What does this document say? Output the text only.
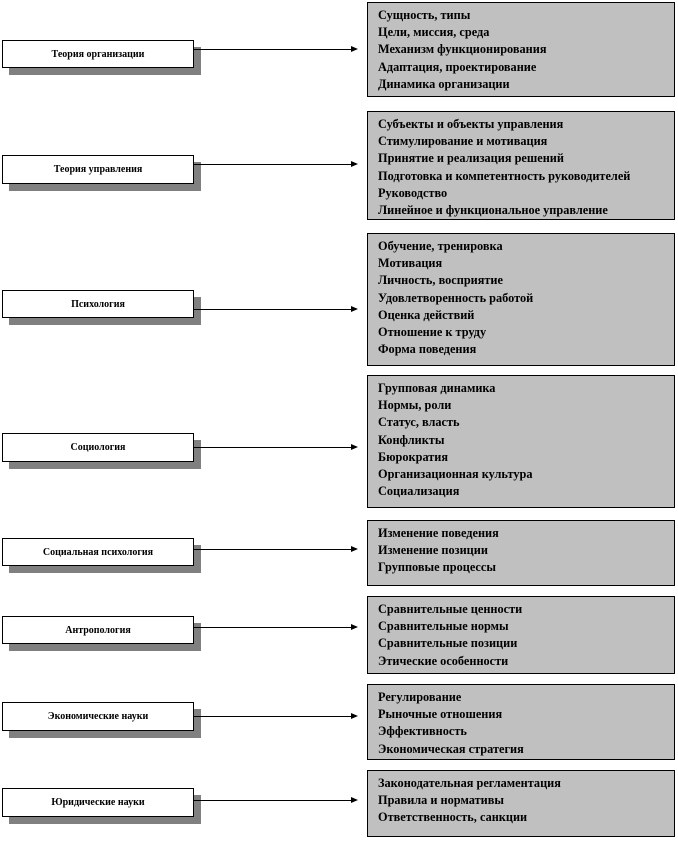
Теория организации
Сущность, типы
Цели, миссия, среда
Механизм функционирования
Адаптация, проектирование
Динамика организации
Теория управления
Субъекты и объекты управления
Стимулирование и мотивация
Принятие и реализация решений
Подготовка и компетентность руководителей
Руководство
Линейное и функциональное управление
Психология
Обучение, тренировка
Мотивация
Личность, восприятие
Удовлетворенность работой
Оценка действий
Отношение к труду
Форма поведения
Социология
Групповая динамика
Нормы, роли
Статус, власть
Конфликты
Бюрократия
Организационная культура
Социализация
Социальная психология
Изменение поведения
Изменение позиции
Групповые процессы
Антропология
Сравнительные ценности
Сравнительные нормы
Сравнительные позиции
Этические особенности
Экономические науки
Регулирование
Рыночные отношения
Эффективность
Экономическая стратегия
Юридические науки
Законодательная регламентация
Правила и нормативы
Ответственность, санкции
